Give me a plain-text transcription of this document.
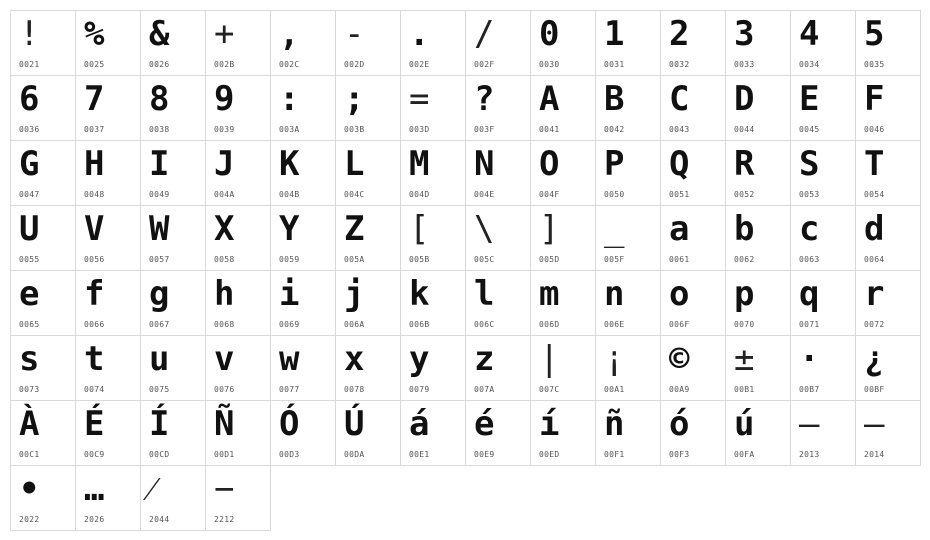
!
0021
%
0025
&
0026
+
002B
,
002C
-
002D
.
002E
/
002F
0
0030
1
0031
2
0032
3
0033
4
0034
5
0035
6
0036
7
0037
8
0038
9
0039
:
003A
;
003B
=
003D
?
003F
A
0041
B
0042
C
0043
D
0044
E
0045
F
0046
G
0047
H
0048
I
0049
J
004A
K
004B
L
004C
M
004D
N
004E
O
004F
P
0050
Q
0051
R
0052
S
0053
T
0054
U
0055
V
0056
W
0057
X
0058
Y
0059
Z
005A
[
005B
\
005C
]
005D
_
005F
a
0061
b
0062
c
0063
d
0064
e
0065
f
0066
g
0067
h
0068
i
0069
j
006A
k
006B
l
006C
m
006D
n
006E
o
006F
p
0070
q
0071
r
0072
s
0073
t
0074
u
0075
v
0076
w
0077
x
0078
y
0079
z
007A
|
007C
¡
00A1
©
00A9
±
00B1
·
00B7
¿
00BF
À
00C1
É
00C9
Í
00CD
Ñ
00D1
Ó
00D3
Ú
00DA
á
00E1
é
00E9
í
00ED
ñ
00F1
ó
00F3
ú
00FA
–
2013
—
2014
•
2022
…
2026
⁄
2044
−
2212
